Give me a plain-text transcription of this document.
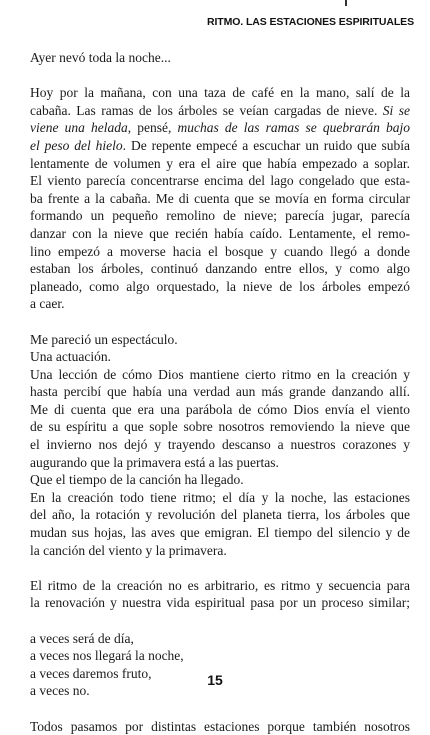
RITMO. LAS ESTACIONES ESPIRITUALES
Ayer nevó toda la noche...
Hoy por la mañana, con una taza de café en la mano, salí de la
cabaña. Las ramas de los árboles se veían cargadas de nieve. Si se
viene una helada, pensé, muchas de las ramas se quebrarán bajo
el peso del hielo. De repente empecé a escuchar un ruido que subía
lentamente de volumen y era el aire que había empezado a soplar.
El viento parecía concentrarse encima del lago congelado que esta-
ba frente a la cabaña. Me di cuenta que se movía en forma circular
formando un pequeño remolino de nieve; parecía jugar, parecía
danzar con la nieve que recién había caído. Lentamente, el remo-
lino empezó a moverse hacia el bosque y cuando llegó a donde
estaban los árboles, continuó danzando entre ellos, y como algo
planeado, como algo orquestado, la nieve de los árboles empezó
a caer.
Me pareció un espectáculo.
Una actuación.
Una lección de cómo Dios mantiene cierto ritmo en la creación y
hasta percibí que había una verdad aun más grande danzando allí.
Me di cuenta que era una parábola de cómo Dios envía el viento
de su espíritu a que sople sobre nosotros removiendo la nieve que
el invierno nos dejó y trayendo descanso a nuestros corazones y
augurando que la primavera está a las puertas.
Que el tiempo de la canción ha llegado.
En la creación todo tiene ritmo; el día y la noche, las estaciones
del año, la rotación y revolución del planeta tierra, los árboles que
mudan sus hojas, las aves que emigran. El tiempo del silencio y de
la canción del viento y la primavera.
El ritmo de la creación no es arbitrario, es ritmo y secuencia para
la renovación y nuestra vida espiritual pasa por un proceso similar;
a veces será de día,
a veces nos llegará la noche,
a veces daremos fruto,
a veces no.
Todos pasamos por distintas estaciones porque también nosotros
15
